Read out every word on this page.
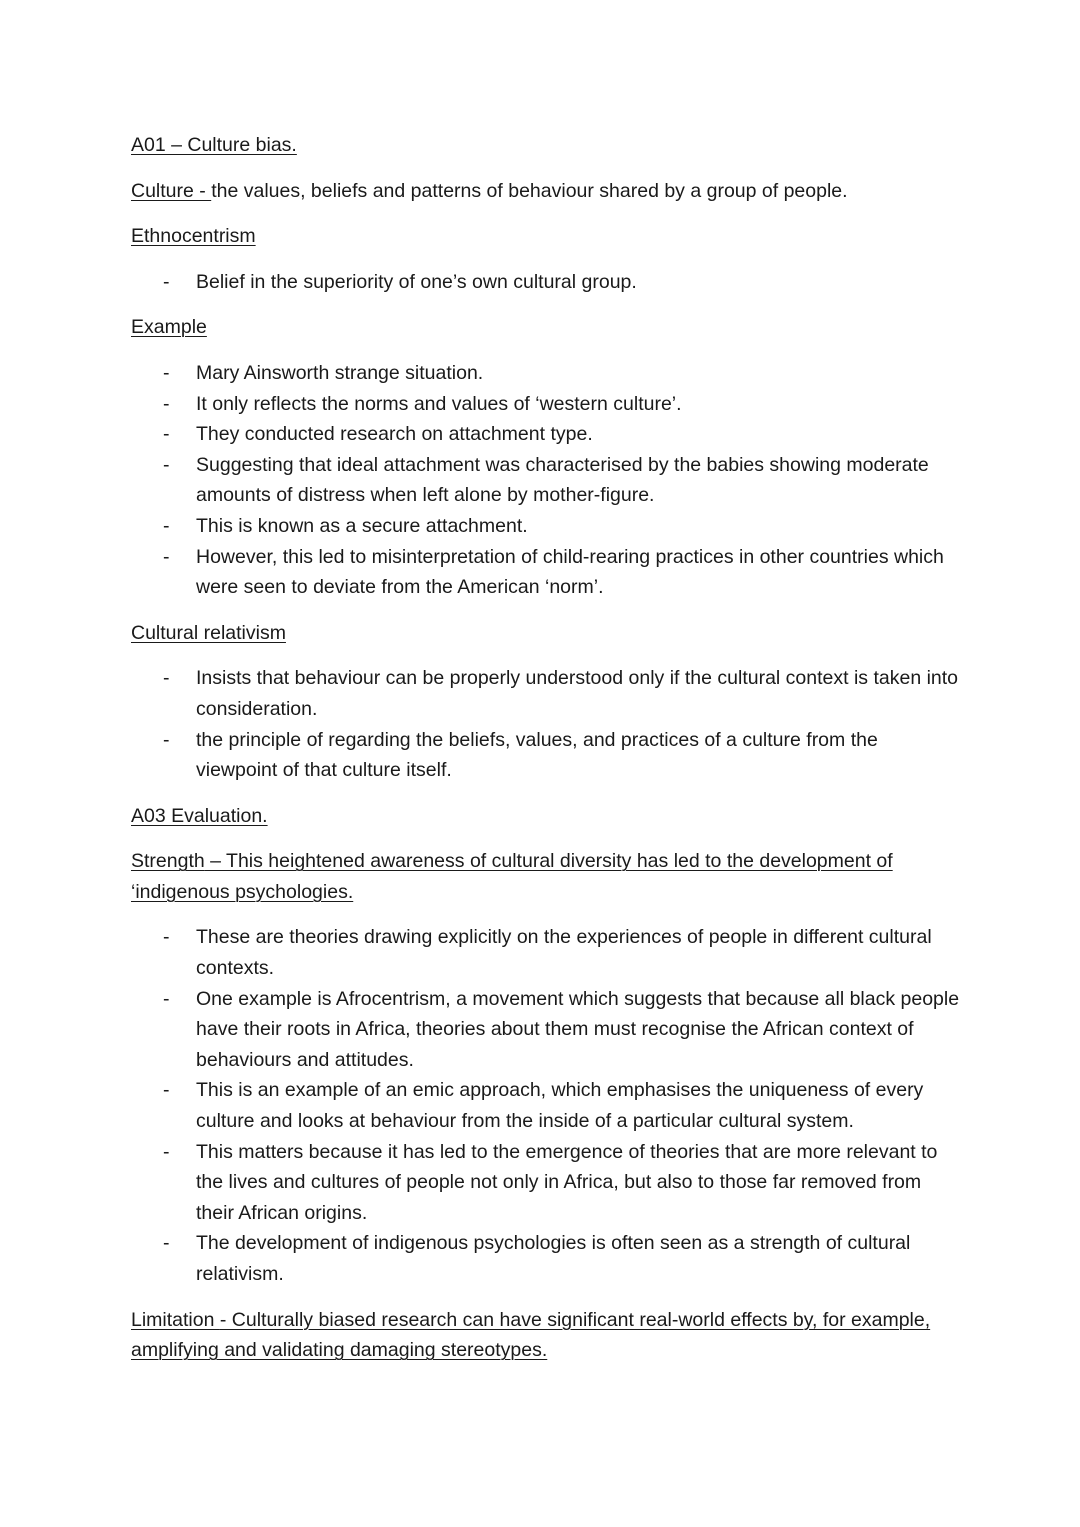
A01 – Culture bias.

Culture - the values, beliefs and patterns of behaviour shared by a group of people.

Ethnocentrism

- Belief in the superiority of one’s own cultural group.

Example

- Mary Ainsworth strange situation.
- It only reflects the norms and values of ‘western culture’.
- They conducted research on attachment type.
- Suggesting that ideal attachment was characterised by the babies showing moderate amounts of distress when left alone by mother-figure.
- This is known as a secure attachment.
- However, this led to misinterpretation of child-rearing practices in other countries which were seen to deviate from the American ‘norm’.

Cultural relativism

- Insists that behaviour can be properly understood only if the cultural context is taken into consideration.
- the principle of regarding the beliefs, values, and practices of a culture from the viewpoint of that culture itself.

A03 Evaluation.

Strength – This heightened awareness of cultural diversity has led to the development of ‘indigenous psychologies.

- These are theories drawing explicitly on the experiences of people in different cultural contexts.
- One example is Afrocentrism, a movement which suggests that because all black people have their roots in Africa, theories about them must recognise the African context of behaviours and attitudes.
- This is an example of an emic approach, which emphasises the uniqueness of every culture and looks at behaviour from the inside of a particular cultural system.
- This matters because it has led to the emergence of theories that are more relevant to the lives and cultures of people not only in Africa, but also to those far removed from their African origins.
- The development of indigenous psychologies is often seen as a strength of cultural relativism.

Limitation - Culturally biased research can have significant real-world effects by, for example, amplifying and validating damaging stereotypes.
